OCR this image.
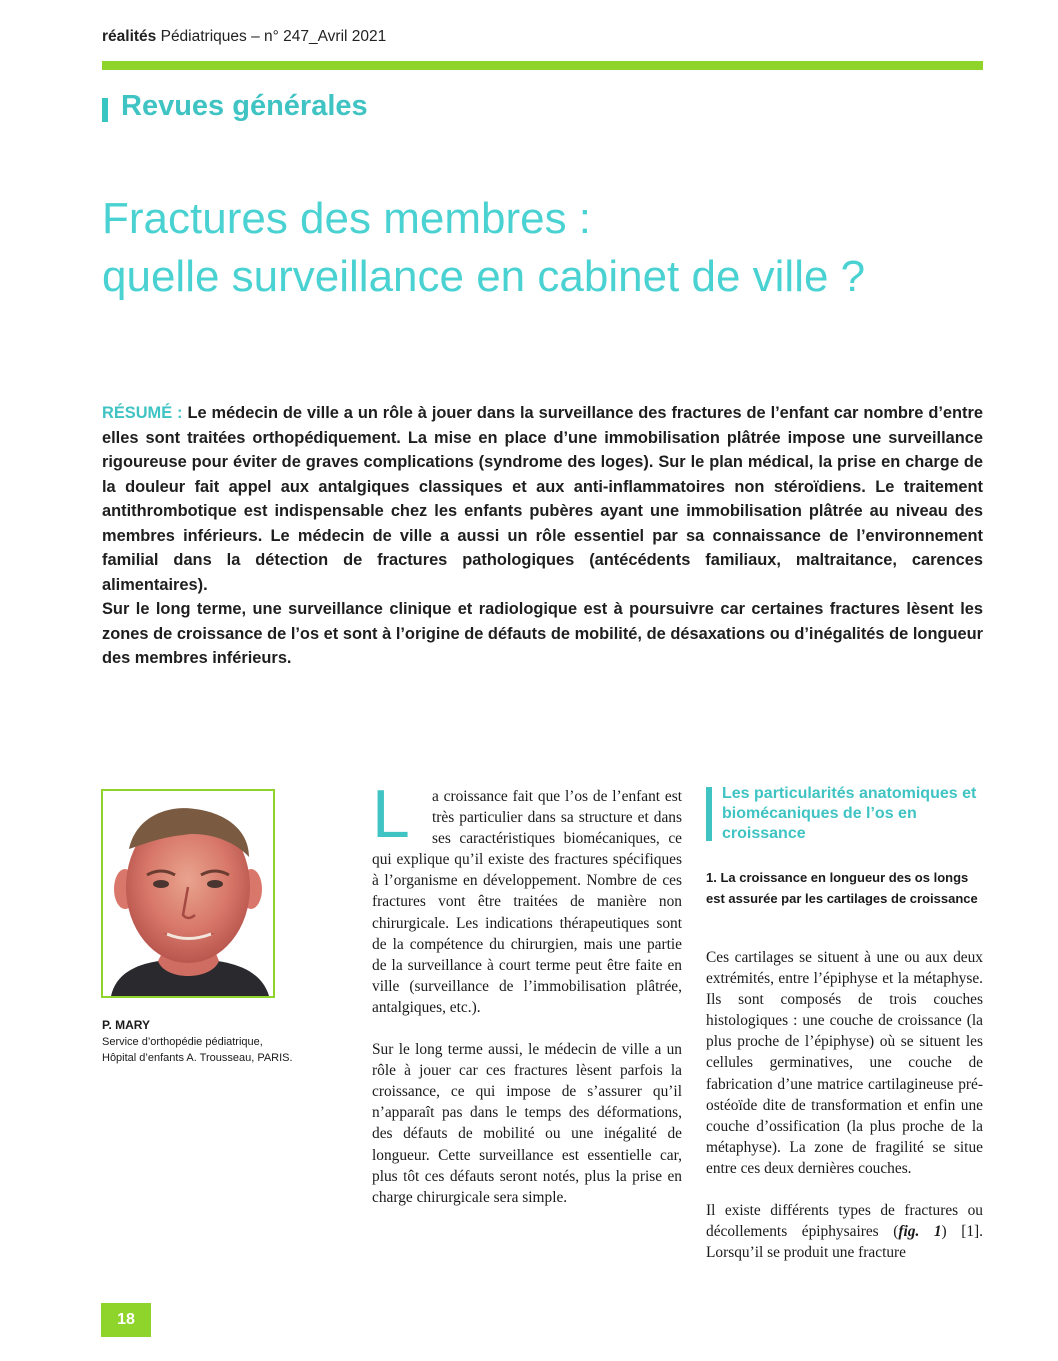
réalités Pédiatriques – n° 247_Avril 2021
Revues générales
Fractures des membres :
quelle surveillance en cabinet de ville ?

RÉSUMÉ : Le médecin de ville a un rôle à jouer dans la surveillance des fractures de l’enfant car nombre d’entre elles sont traitées orthopédiquement. La mise en place d’une immobilisation plâtrée impose une surveillance rigoureuse pour éviter de graves complications (syndrome des loges). Sur le plan médical, la prise en charge de la douleur fait appel aux antalgiques classiques et aux anti-inflammatoires non stéroïdiens. Le traitement antithrombotique est indispensable chez les enfants pubères ayant une immobilisation plâtrée au niveau des membres inférieurs. Le médecin de ville a aussi un rôle essentiel par sa connaissance de l’environnement familial dans la détection de fractures pathologiques (antécédents familiaux, maltraitance, carences alimentaires).

Sur le long terme, une surveillance clinique et radiologique est à poursuivre car certaines fractures lèsent les zones de croissance de l’os et sont à l’origine de défauts de mobilité, de désaxations ou d’inégalités de longueur des membres inférieurs.

P. MARY
Service d’orthopédie pédiatrique,
Hôpital d’enfants A. Trousseau, PARIS.

L	a croissance fait que l’os de l’enfant est très particulier dans sa structure et dans ses caractéristiques biomécaniques, ce qui explique qu’il existe des fractures spécifiques à l’organisme en développement. Nombre de ces fractures vont être traitées de manière non chirurgicale. Les indications thérapeutiques sont de la compétence du chirurgien, mais une partie de la surveillance à court terme peut être faite en ville (surveillance de l’immobilisation plâtrée, antalgiques, etc.).

Sur le long terme aussi, le médecin de ville a un rôle à jouer car ces fractures lèsent parfois la croissance, ce qui impose de s’assurer qu’il n’apparaît pas dans le temps des déformations, des défauts de mobilité ou une inégalité de longueur. Cette surveillance est essentielle car, plus tôt ces défauts seront notés, plus la prise en charge chirurgicale sera simple.

Les particularités anatomiques et biomécaniques de l’os en croissance
1. La croissance en longueur des os longs est assurée par les cartilages de croissance

Ces cartilages se situent à une ou aux deux extrémités, entre l’épiphyse et la métaphyse. Ils sont composés de trois couches histologiques : une couche de croissance (la plus proche de l’épiphyse) où se situent les cellules germinatives, une couche de fabrication d’une matrice cartilagineuse pré-ostéoïde dite de transformation et enfin une couche d’ossification (la plus proche de la métaphyse). La zone de fragilité se situe entre ces deux dernières couches.

Il existe différents types de fractures ou décollements épiphysaires (fig. 1) [1]. Lorsqu’il se produit une fracture

18
